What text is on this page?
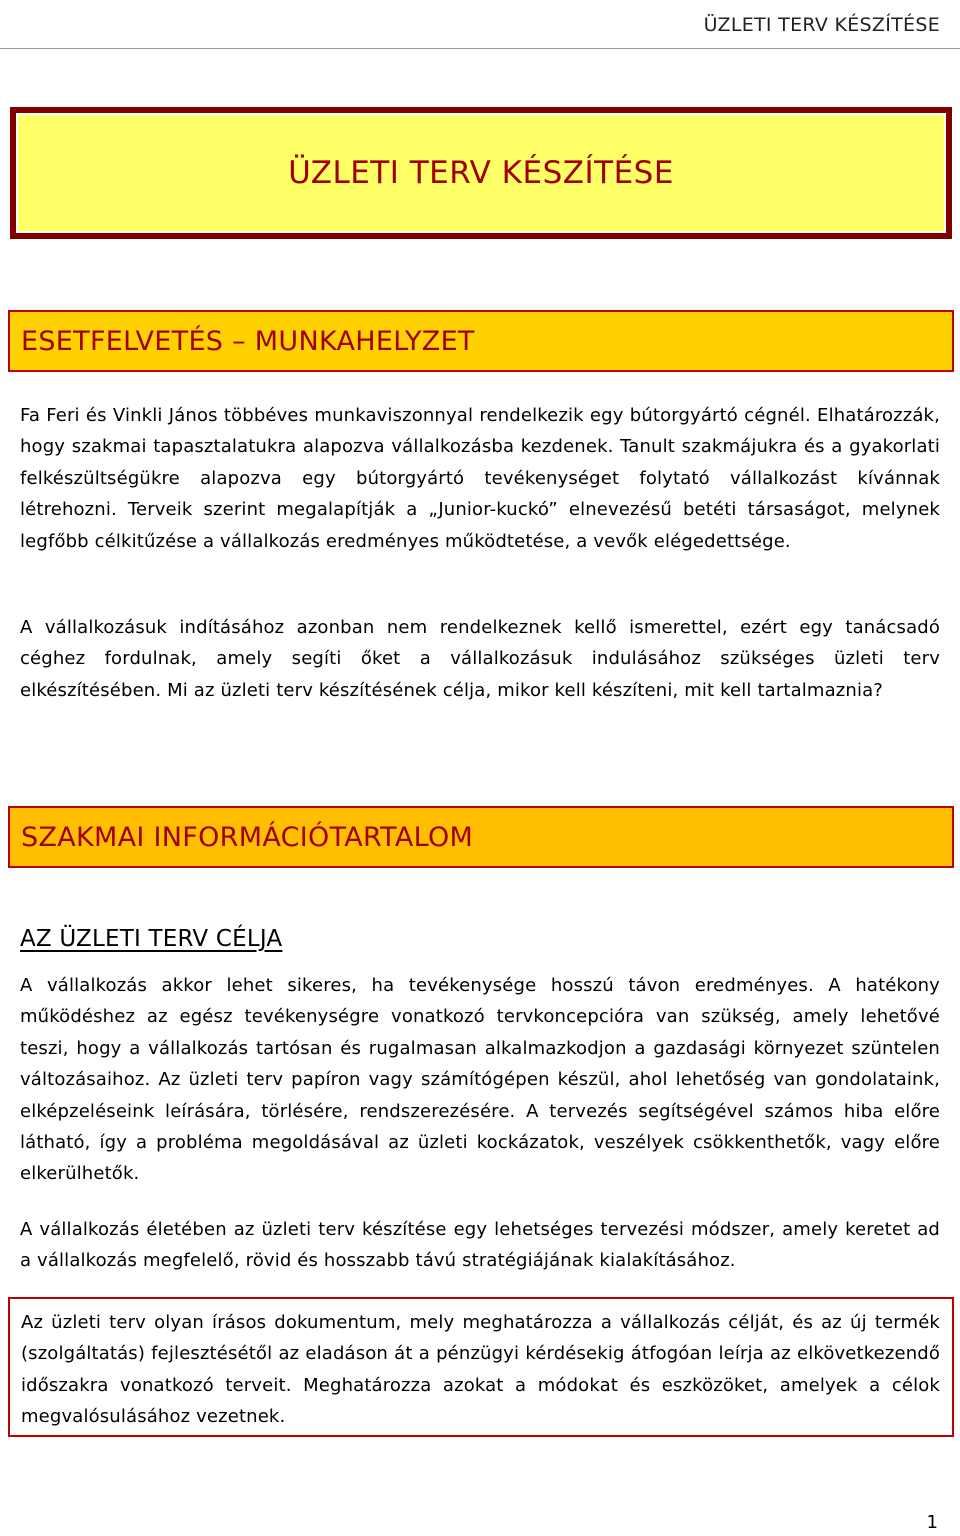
ÜZLETI TERV KÉSZÍTÉSE
ÜZLETI TERV KÉSZÍTÉSE
ESETFELVETÉS – MUNKAHELYZET

Fa Feri és Vinkli János többéves munkaviszonnyal rendelkezik egy bútorgyártó cégnél. Elhatározzák, hogy szakmai tapasztalatukra alapozva vállalkozásba kezdenek. Tanult szakmájukra és a gyakorlati felkészültségükre alapozva egy bútorgyártó tevékenységet folytató vállalkozást kívánnak létrehozni. Terveik szerint megalapítják a „Junior-kuckó” elnevezésű betéti társaságot, melynek legfőbb célkitűzése a vállalkozás eredményes működtetése, a vevők elégedettsége.

A vállalkozásuk indításához azonban nem rendelkeznek kellő ismerettel, ezért egy tanácsadó céghez fordulnak, amely segíti őket a vállalkozásuk indulásához szükséges üzleti terv elkészítésében. Mi az üzleti terv készítésének célja, mikor kell készíteni, mit kell tartalmaznia?

SZAKMAI INFORMÁCIÓTARTALOM
AZ ÜZLETI TERV CÉLJA

A vállalkozás akkor lehet sikeres, ha tevékenysége hosszú távon eredményes. A hatékony működéshez az egész tevékenységre vonatkozó tervkoncepcióra van szükség, amely lehetővé teszi, hogy a vállalkozás tartósan és rugalmasan alkalmazkodjon a gazdasági környezet szüntelen változásaihoz. Az üzleti terv papíron vagy számítógépen készül, ahol lehetőség van gondolataink, elképzeléseink leírására, törlésére, rendszerezésére. A tervezés segítségével számos hiba előre látható, így a probléma megoldásával az üzleti kockázatok, veszélyek csökkenthetők, vagy előre elkerülhetők.

A vállalkozás életében az üzleti terv készítése egy lehetséges tervezési módszer, amely keretet ad a vállalkozás megfelelő, rövid és hosszabb távú stratégiájának kialakításához.

Az üzleti terv olyan írásos dokumentum, mely meghatározza a vállalkozás célját, és az új termék (szolgáltatás) fejlesztésétől az eladáson át a pénzügyi kérdésekig átfogóan leírja az elkövetkezendő időszakra vonatkozó terveit. Meghatározza azokat a módokat és eszközöket, amelyek a célok megvalósulásához vezetnek.

1
